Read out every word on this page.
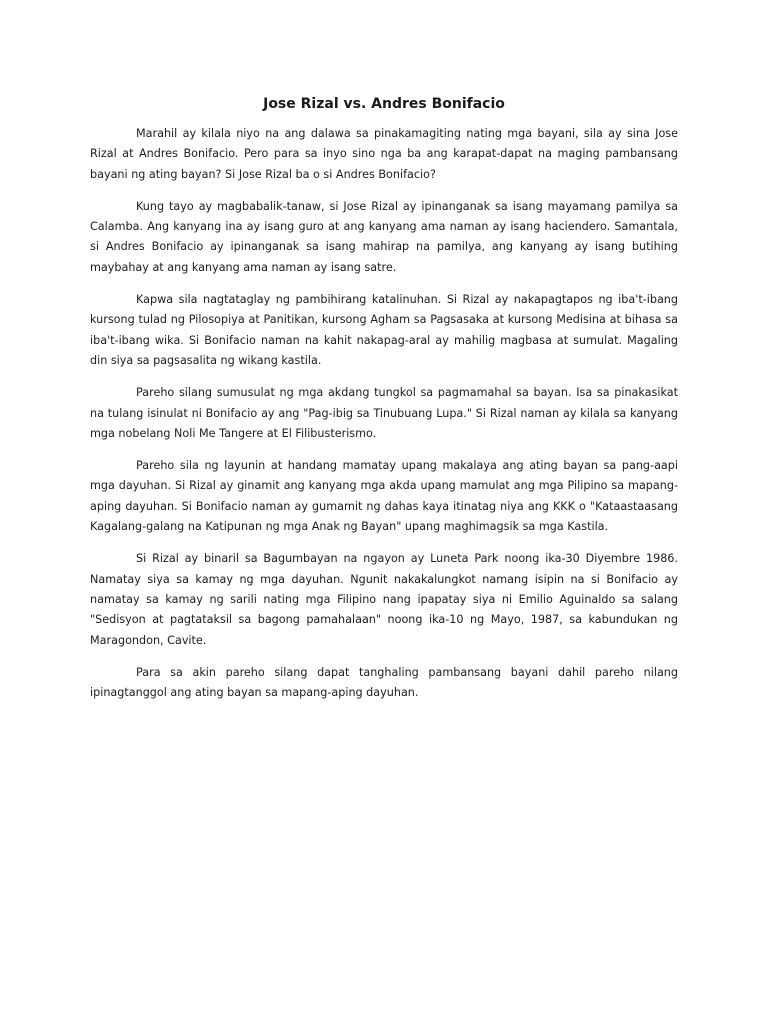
Jose Rizal vs. Andres Bonifacio

Marahil ay kilala niyo na ang dalawa sa pinakamagiting nating mga bayani, sila ay sina Jose Rizal at Andres Bonifacio. Pero para sa inyo sino nga ba ang karapat-dapat na maging pambansang bayani ng ating bayan? Si Jose Rizal ba o si Andres Bonifacio?

Kung tayo ay magbabalik-tanaw, si Jose Rizal ay ipinanganak sa isang mayamang pamilya sa Calamba. Ang kanyang ina ay isang guro at ang kanyang ama naman ay isang haciendero. Samantala, si Andres Bonifacio ay ipinanganak sa isang mahirap na pamilya, ang kanyang ay isang butihing maybahay at ang kanyang ama naman ay isang satre.

Kapwa sila nagtataglay ng pambihirang katalinuhan. Si Rizal ay nakapagtapos ng iba't-ibang kursong tulad ng Pilosopiya at Panitikan, kursong Agham sa Pagsasaka at kursong Medisina at bihasa sa iba't-ibang wika. Si Bonifacio naman na kahit nakapag-aral ay mahilig magbasa at sumulat. Magaling din siya sa pagsasalita ng wikang kastila.

Pareho silang sumusulat ng mga akdang tungkol sa pagmamahal sa bayan. Isa sa pinakasikat na tulang isinulat ni Bonifacio ay ang "Pag-ibig sa Tinubuang Lupa." Si Rizal naman ay kilala sa kanyang mga nobelang Noli Me Tangere at El Filibusterismo.

Pareho sila ng layunin at handang mamatay upang makalaya ang ating bayan sa pang-aapi mga dayuhan. Si Rizal ay ginamit ang kanyang mga akda upang mamulat ang mga Pilipino sa mapang-aping dayuhan. Si Bonifacio naman ay gumamit ng dahas kaya itinatag niya ang KKK o "Kataastaasang Kagalang-galang na Katipunan ng mga Anak ng Bayan" upang maghimagsik sa mga Kastila.

Si Rizal ay binaril sa Bagumbayan na ngayon ay Luneta Park noong ika-30 Diyembre 1986. Namatay siya sa kamay ng mga dayuhan. Ngunit nakakalungkot namang isipin na si Bonifacio ay namatay sa kamay ng sarili nating mga Filipino nang ipapatay siya ni Emilio Aguinaldo sa salang "Sedisyon at pagtataksil sa bagong pamahalaan" noong ika-10 ng Mayo, 1987, sa kabundukan ng Maragondon, Cavite.

Para sa akin pareho silang dapat tanghaling pambansang bayani dahil pareho nilang ipinagtanggol ang ating bayan sa mapang-aping dayuhan.
